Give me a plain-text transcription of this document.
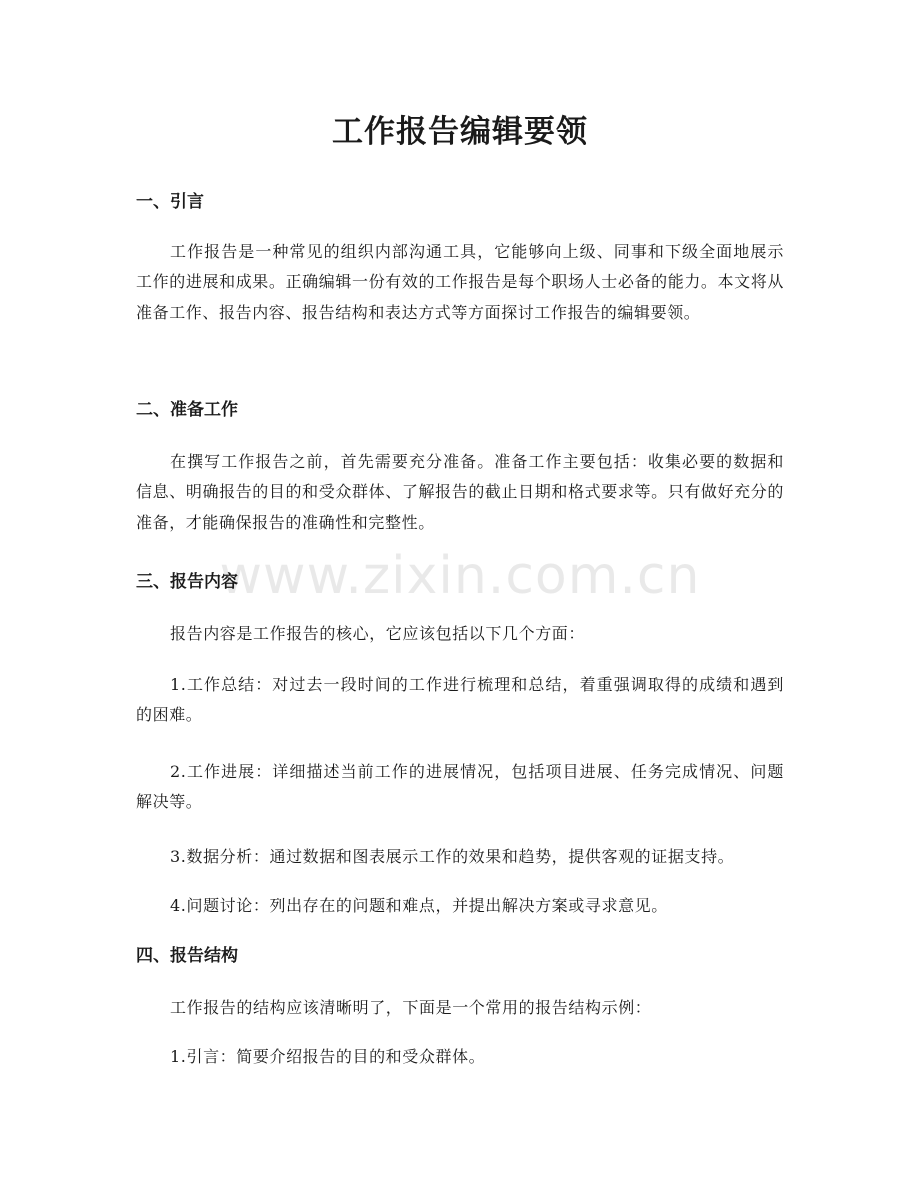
工作报告编辑要领
一、引言

工作报告是一种常见的组织内部沟通工具，它能够向上级、同事和下级全面地展示工作的进展和成果。正确编辑一份有效的工作报告是每个职场人士必备的能力。本文将从准备工作、报告内容、报告结构和表达方式等方面探讨工作报告的编辑要领。

二、准备工作

在撰写工作报告之前，首先需要充分准备。准备工作主要包括：收集必要的数据和信息、明确报告的目的和受众群体、了解报告的截止日期和格式要求等。只有做好充分的准备，才能确保报告的准确性和完整性。

www.zixin.com.cn
三、报告内容

报告内容是工作报告的核心，它应该包括以下几个方面：

1.工作总结：对过去一段时间的工作进行梳理和总结，着重强调取得的成绩和遇到的困难。

2.工作进展：详细描述当前工作的进展情况，包括项目进展、任务完成情况、问题解决等。

3.数据分析：通过数据和图表展示工作的效果和趋势，提供客观的证据支持。

4.问题讨论：列出存在的问题和难点，并提出解决方案或寻求意见。

四、报告结构

工作报告的结构应该清晰明了，下面是一个常用的报告结构示例：

1.引言：简要介绍报告的目的和受众群体。
